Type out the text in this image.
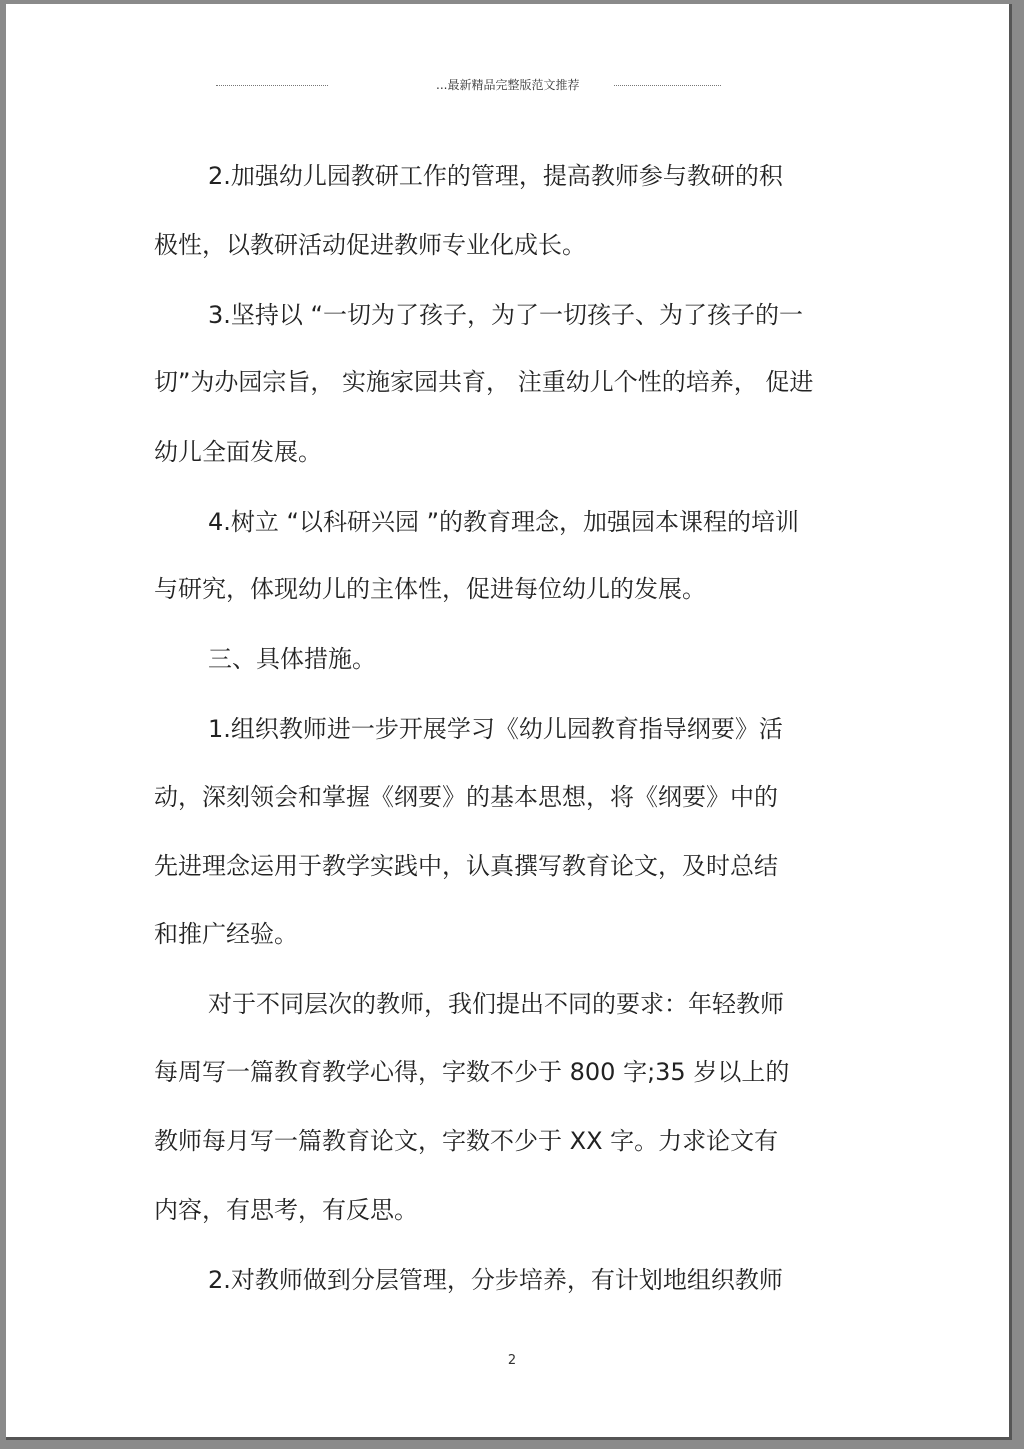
...最新精品完整版范文推荐
2.加强幼儿园教研工作的管理，提高教师参与教研的积
极性，以教研活动促进教师专业化成长。
3.坚持以 “一切为了孩子，为了一切孩子、为了孩子的一
切”为办园宗旨， 实施家园共育， 注重幼儿个性的培养， 促进
幼儿全面发展。
4.树立 “以科研兴园 ”的教育理念，加强园本课程的培训
与研究，体现幼儿的主体性，促进每位幼儿的发展。
三、具体措施。
1.组织教师进一步开展学习《幼儿园教育指导纲要》活
动，深刻领会和掌握《纲要》的基本思想，将《纲要》中的
先进理念运用于教学实践中，认真撰写教育论文，及时总结
和推广经验。
对于不同层次的教师，我们提出不同的要求：年轻教师
每周写一篇教育教学心得，字数不少于 800 字;35 岁以上的
教师每月写一篇教育论文，字数不少于 XX 字。力求论文有
内容，有思考，有反思。
2.对教师做到分层管理，分步培养，有计划地组织教师
2
